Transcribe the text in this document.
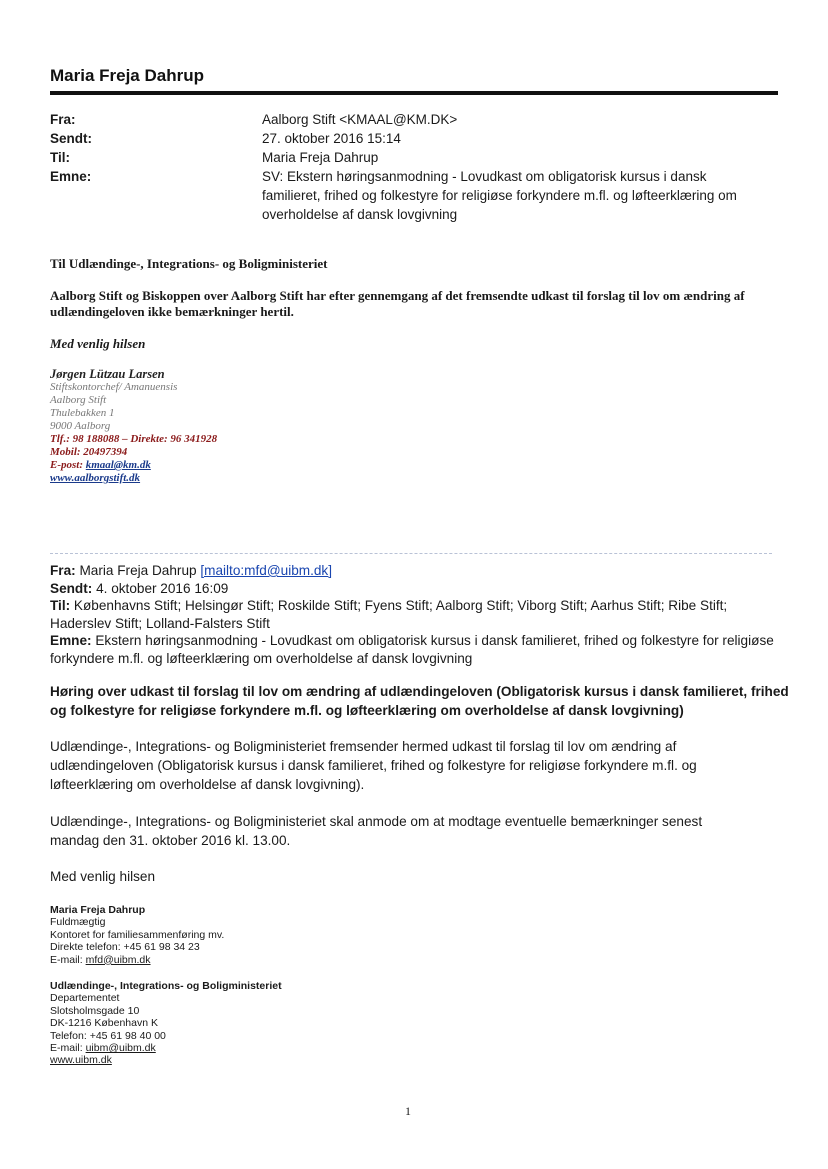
Maria Freja Dahrup
Fra:	Aalborg Stift <KMAAL@KM.DK>
Sendt:	27. oktober 2016 15:14
Til:	Maria Freja Dahrup
Emne:	SV: Ekstern høringsanmodning - Lovudkast om obligatorisk kursus i dansk familieret, frihed og folkestyre for religiøse forkyndere m.fl. og løfteerklæring om overholdelse af dansk lovgivning
Til Udlændinge-, Integrations- og Boligministeriet
Aalborg Stift og Biskoppen over Aalborg Stift har efter gennemgang af det fremsendte udkast til forslag til lov om ændring af udlændingeloven ikke bemærkninger hertil.
Med venlig hilsen
Jørgen Lützau Larsen
Stiftskontorchef/ Amanuensis
Aalborg Stift
Thulebakken 1
9000 Aalborg
Tlf.: 98 188088 – Direkte: 96 341928
Mobil: 20497394
E-post: kmaal@km.dk
www.aalborgstift.dk
Fra: Maria Freja Dahrup [mailto:mfd@uibm.dk]
Sendt: 4. oktober 2016 16:09
Til: Københavns Stift; Helsingør Stift; Roskilde Stift; Fyens Stift; Aalborg Stift; Viborg Stift; Aarhus Stift; Ribe Stift; Haderslev Stift; Lolland-Falsters Stift
Emne: Ekstern høringsanmodning - Lovudkast om obligatorisk kursus i dansk familieret, frihed og folkestyre for religiøse forkyndere m.fl. og løfteerklæring om overholdelse af dansk lovgivning
Høring over udkast til forslag til lov om ændring af udlændingeloven (Obligatorisk kursus i dansk familieret, frihed og folkestyre for religiøse forkyndere m.fl. og løfteerklæring om overholdelse af dansk lovgivning)
Udlændinge-, Integrations- og Boligministeriet fremsender hermed udkast til forslag til lov om ændring af udlændingeloven (Obligatorisk kursus i dansk familieret, frihed og folkestyre for religiøse forkyndere m.fl. og løfteerklæring om overholdelse af dansk lovgivning).
Udlændinge-, Integrations- og Boligministeriet skal anmode om at modtage eventuelle bemærkninger senest mandag den 31. oktober 2016 kl. 13.00.
Med venlig hilsen
Maria Freja Dahrup
Fuldmægtig
Kontoret for familiesammenføring mv.
Direkte telefon: +45 61 98 34 23
E-mail: mfd@uibm.dk
Udlændinge-, Integrations- og Boligministeriet
Departementet
Slotsholmsgade 10
DK-1216 København K
Telefon: +45 61 98 40 00
E-mail: uibm@uibm.dk
www.uibm.dk
1
